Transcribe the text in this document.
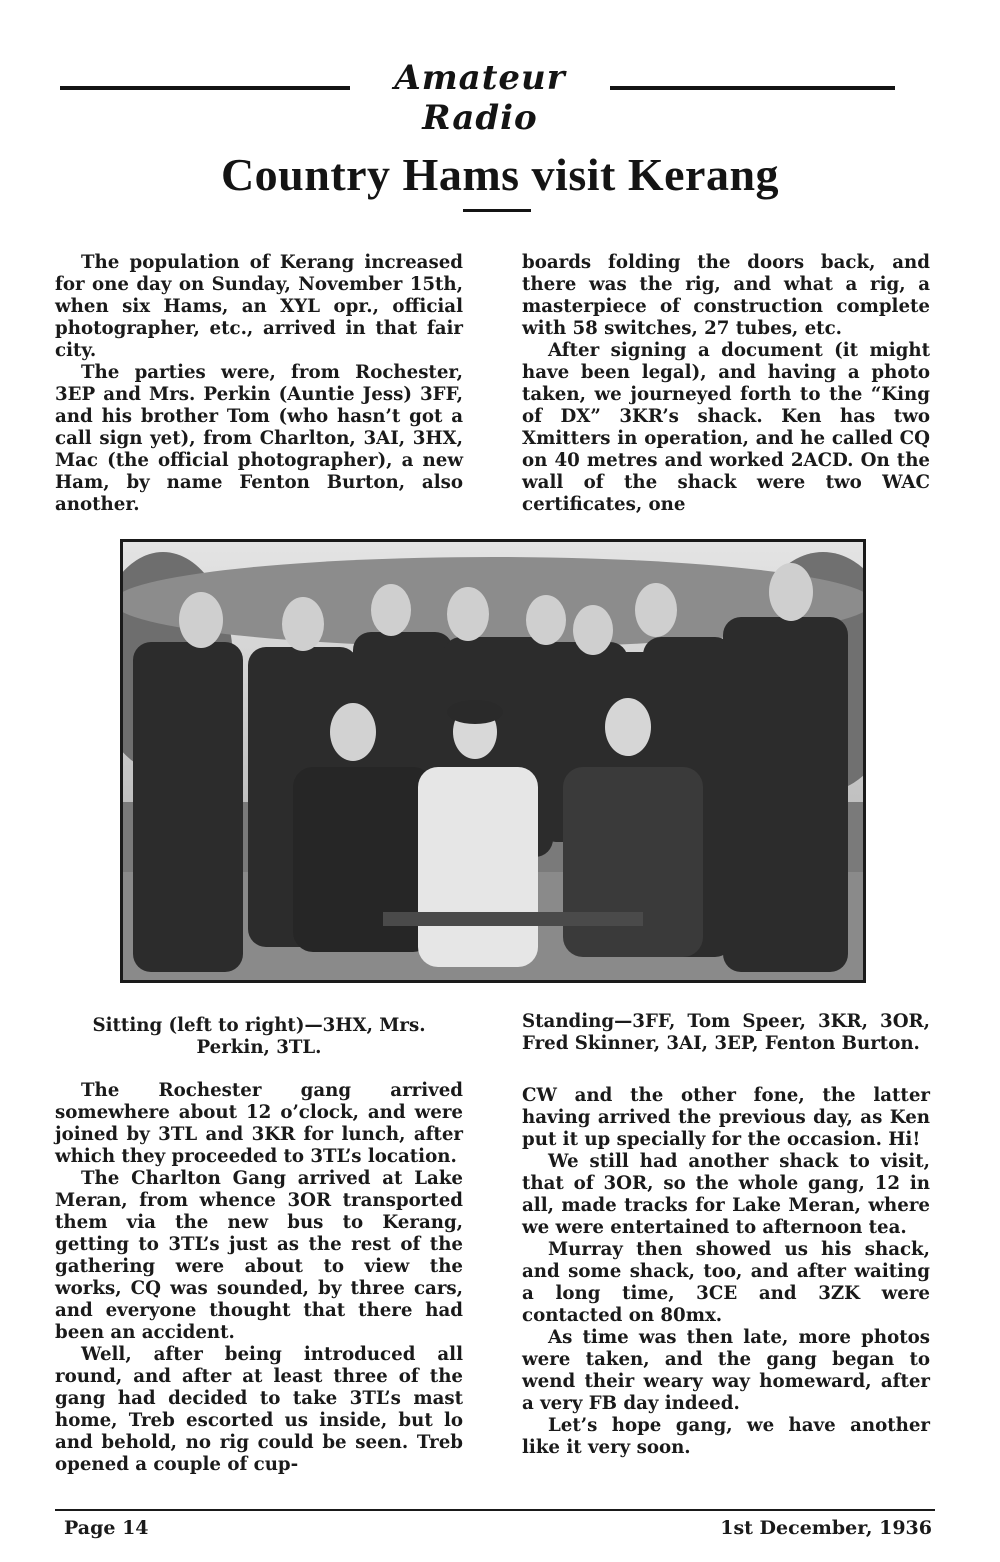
Amateur Radio
Country Hams visit Kerang

The population of Kerang increased for one day on Sunday, November 15th, when six Hams, an XYL opr., official photographer, etc., arrived in that fair city.

The parties were, from Rochester, 3EP and Mrs. Perkin (Auntie Jess) 3FF, and his brother Tom (who hasn’t got a call sign yet), from Charlton, 3AI, 3HX, Mac (the official photographer), a new Ham, by name Fenton Burton, also another.

boards folding the doors back, and there was the rig, and what a rig, a masterpiece of construction complete with 58 switches, 27 tubes, etc.

After signing a document (it might have been legal), and having a photo taken, we journeyed forth to the “King of DX” 3KR’s shack. Ken has two Xmitters in operation, and he called CQ on 40 metres and worked 2ACD. On the wall of the shack were two WAC certificates, one

Sitting (left to right)—3HX, Mrs. Perkin, 3TL.
Standing—3FF, Tom Speer, 3KR, 3OR, Fred Skinner, 3AI, 3EP, Fenton Burton.

The Rochester gang arrived somewhere about 12 o’clock, and were joined by 3TL and 3KR for lunch, after which they proceeded to 3TL’s location.

The Charlton Gang arrived at Lake Meran, from whence 3OR transported them via the new bus to Kerang, getting to 3TL’s just as the rest of the gathering were about to view the works, CQ was sounded, by three cars, and everyone thought that there had been an accident.

Well, after being introduced all round, and after at least three of the gang had decided to take 3TL’s mast home, Treb escorted us inside, but lo and behold, no rig could be seen. Treb opened a couple of cup-

CW and the other fone, the latter having arrived the previous day, as Ken put it up specially for the occasion. Hi!

We still had another shack to visit, that of 3OR, so the whole gang, 12 in all, made tracks for Lake Meran, where we were entertained to afternoon tea.

Murray then showed us his shack, and some shack, too, and after waiting a long time, 3CE and 3ZK were contacted on 80mx.

As time was then late, more photos were taken, and the gang began to wend their weary way homeward, after a very FB day indeed.

Let’s hope gang, we have another like it very soon.

Page 14	1st December, 1936
